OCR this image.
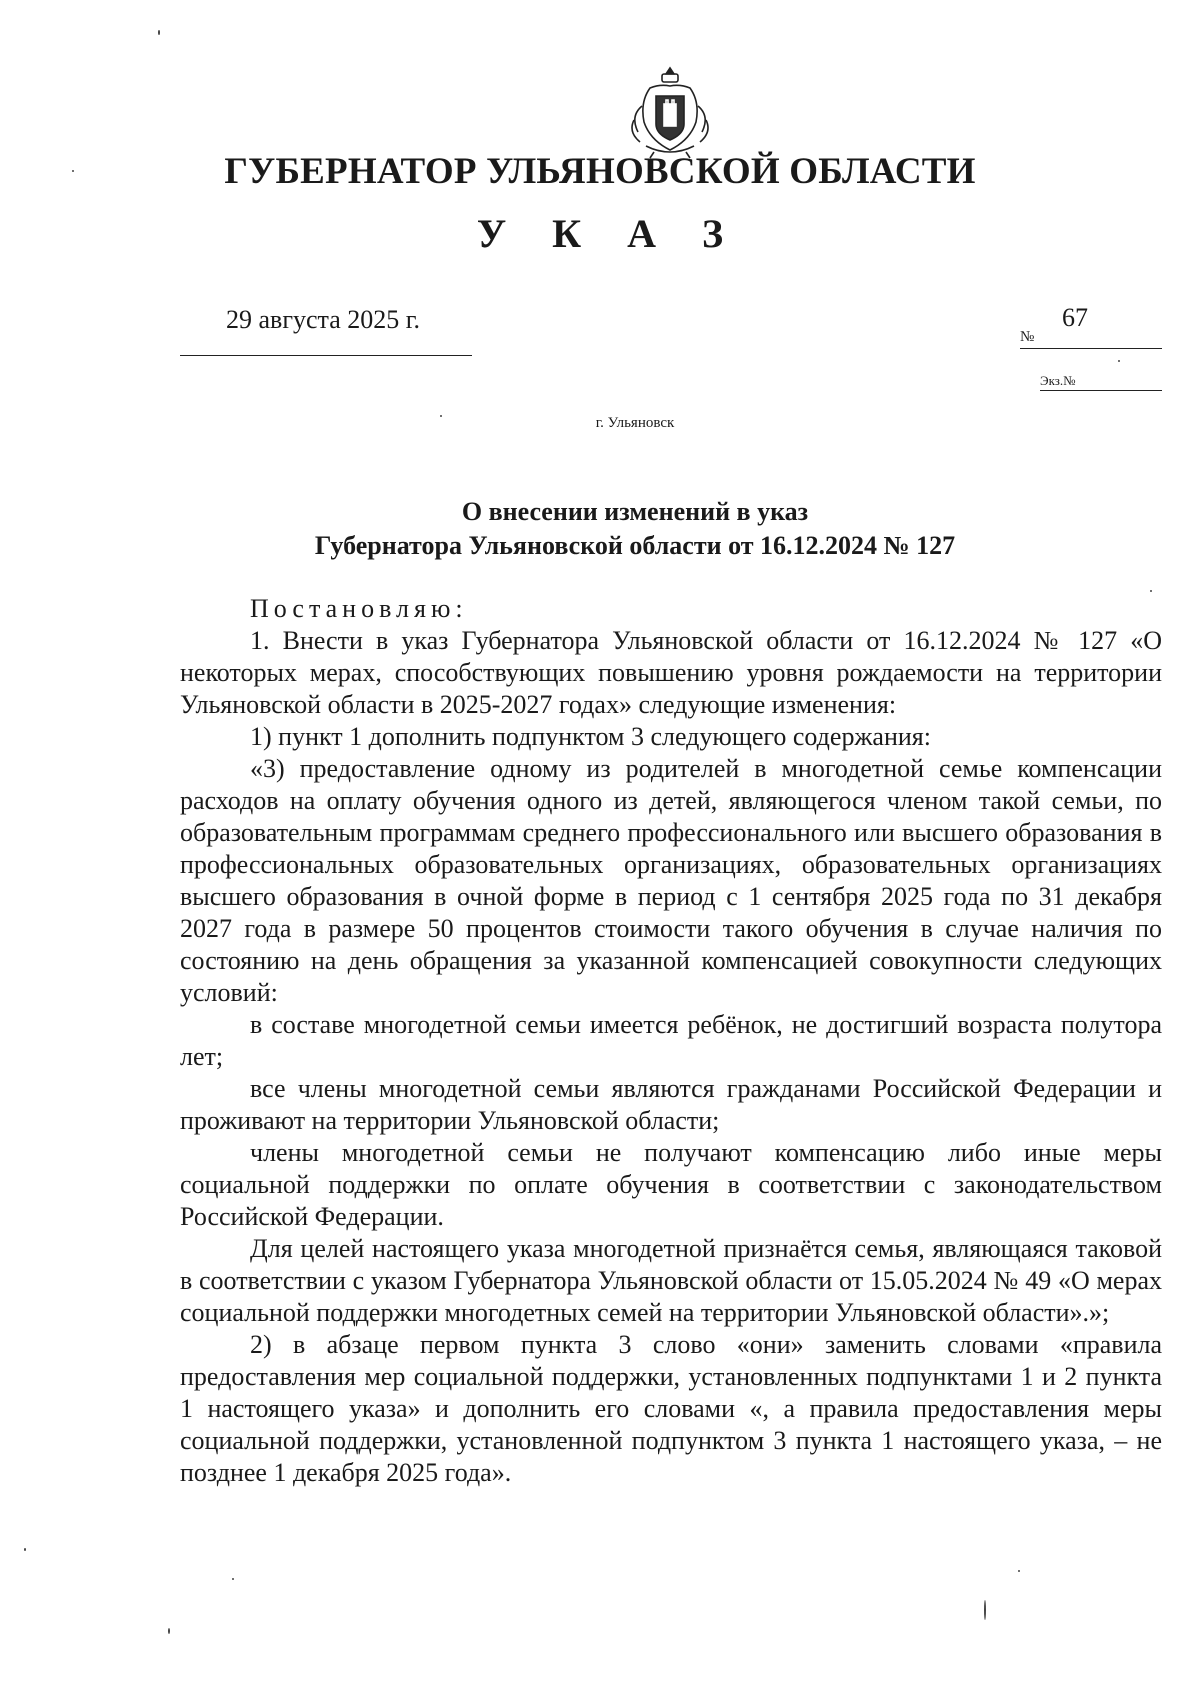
ГУБЕРНАТОР УЛЬЯНОВСКОЙ ОБЛАСТИ
У К А З
29 августа 2025 г.
№
67
Экз.№
г. Ульяновск
О внесении изменений в указ
Губернатора Ульяновской области от 16.12.2024 № 127

Постановляю:

1. Внести в указ Губернатора Ульяновской области от 16.12.2024 № 127 «О некоторых мерах, способствующих повышению уровня рождаемости на территории Ульяновской области в 2025-2027 годах» следующие изменения:

1) пункт 1 дополнить подпунктом 3 следующего содержания:

«3) предоставление одному из родителей в многодетной семье компенсации расходов на оплату обучения одного из детей, являющегося членом такой семьи, по образовательным программам среднего профессионального или высшего образования в профессиональных образовательных организациях, образовательных организациях высшего образования в очной форме в период с 1 сентября 2025 года по 31 декабря 2027 года в размере 50 процентов стоимости такого обучения в случае наличия по состоянию на день обращения за указанной компенсацией совокупности следующих условий:

в составе многодетной семьи имеется ребёнок, не достигший возраста полутора лет;

все члены многодетной семьи являются гражданами Российской Федерации и проживают на территории Ульяновской области;

члены многодетной семьи не получают компенсацию либо иные меры социальной поддержки по оплате обучения в соответствии с законодательством Российской Федерации.

Для целей настоящего указа многодетной признаётся семья, являющаяся таковой в соответствии с указом Губернатора Ульяновской области от 15.05.2024 № 49 «О мерах социальной поддержки многодетных семей на территории Ульяновской области».»;

2) в абзаце первом пункта 3 слово «они» заменить словами «правила предоставления мер социальной поддержки, установленных подпунктами 1 и 2 пункта 1 настоящего указа» и дополнить его словами «, а правила предоставления меры социальной поддержки, установленной подпунктом 3 пункта 1 настоящего указа, – не позднее 1 декабря 2025 года».
